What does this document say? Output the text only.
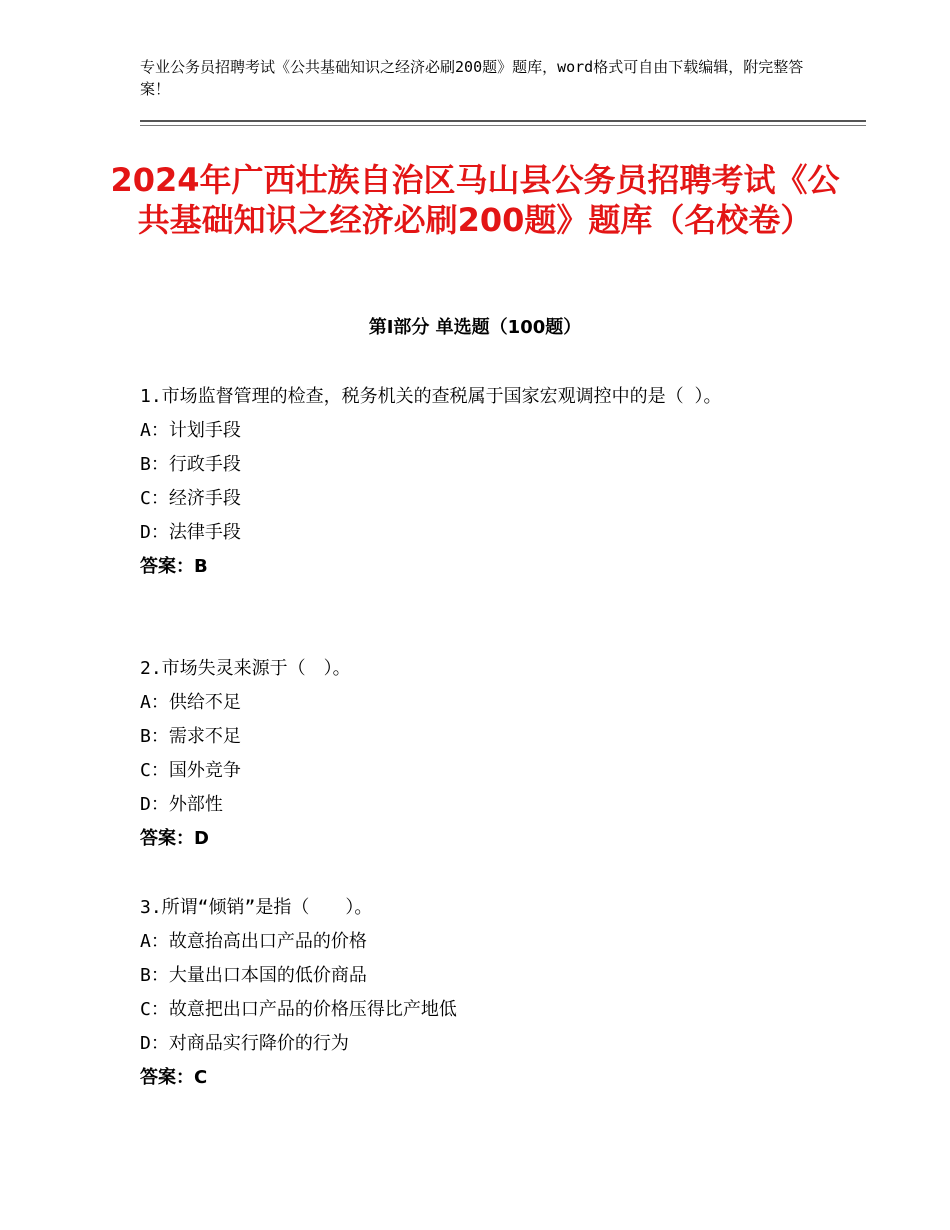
专业公务员招聘考试《公共基础知识之经济必刷200题》题库，word格式可自由下载编辑，附完整答案！
2024年广西壮族自治区马山县公务员招聘考试《公共基础知识之经济必刷200题》题库（名校卷）
第Ⅰ部分 单选题（100题）

1.市场监督管理的检查，税务机关的查税属于国家宏观调控中的是（ ）。

A：计划手段

B：行政手段

C：经济手段

D：法律手段

答案：B

2.市场失灵来源于（　）。

A：供给不足

B：需求不足

C：国外竞争

D：外部性

答案：D

3.所谓“倾销”是指（　　）。

A：故意抬高出口产品的价格

B：大量出口本国的低价商品

C：故意把出口产品的价格压得比产地低

D：对商品实行降价的行为

答案：C
